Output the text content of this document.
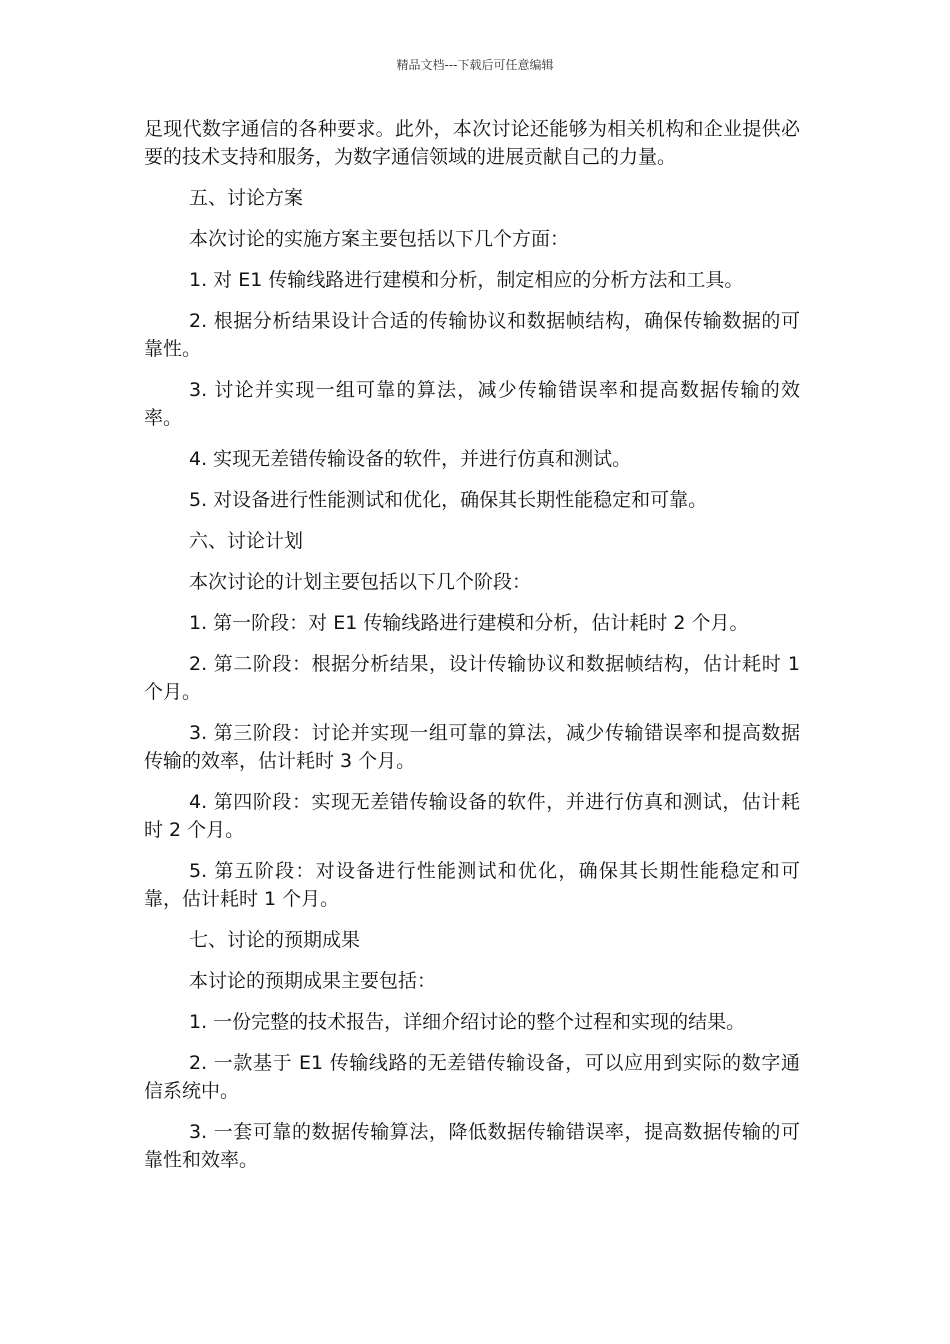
精品文档---下载后可任意编辑

足现代数字通信的各种要求。此外，本次讨论还能够为相关机构和企业提供必要的技术支持和服务，为数字通信领域的进展贡献自己的力量。

五、讨论方案

本次讨论的实施方案主要包括以下几个方面：

1. 对 E1 传输线路进行建模和分析，制定相应的分析方法和工具。

2. 根据分析结果设计合适的传输协议和数据帧结构，确保传输数据的可靠性。

3. 讨论并实现一组可靠的算法，减少传输错误率和提高数据传输的效率。

4. 实现无差错传输设备的软件，并进行仿真和测试。

5. 对设备进行性能测试和优化，确保其长期性能稳定和可靠。

六、讨论计划

本次讨论的计划主要包括以下几个阶段：

1. 第一阶段：对 E1 传输线路进行建模和分析，估计耗时 2 个月。

2. 第二阶段：根据分析结果，设计传输协议和数据帧结构，估计耗时 1 个月。

3. 第三阶段：讨论并实现一组可靠的算法，减少传输错误率和提高数据传输的效率，估计耗时 3 个月。

4. 第四阶段：实现无差错传输设备的软件，并进行仿真和测试，估计耗时 2 个月。

5. 第五阶段：对设备进行性能测试和优化，确保其长期性能稳定和可靠，估计耗时 1 个月。

七、讨论的预期成果

本讨论的预期成果主要包括：

1. 一份完整的技术报告，详细介绍讨论的整个过程和实现的结果。

2. 一款基于 E1 传输线路的无差错传输设备，可以应用到实际的数字通信系统中。

3. 一套可靠的数据传输算法，降低数据传输错误率，提高数据传输的可靠性和效率。
